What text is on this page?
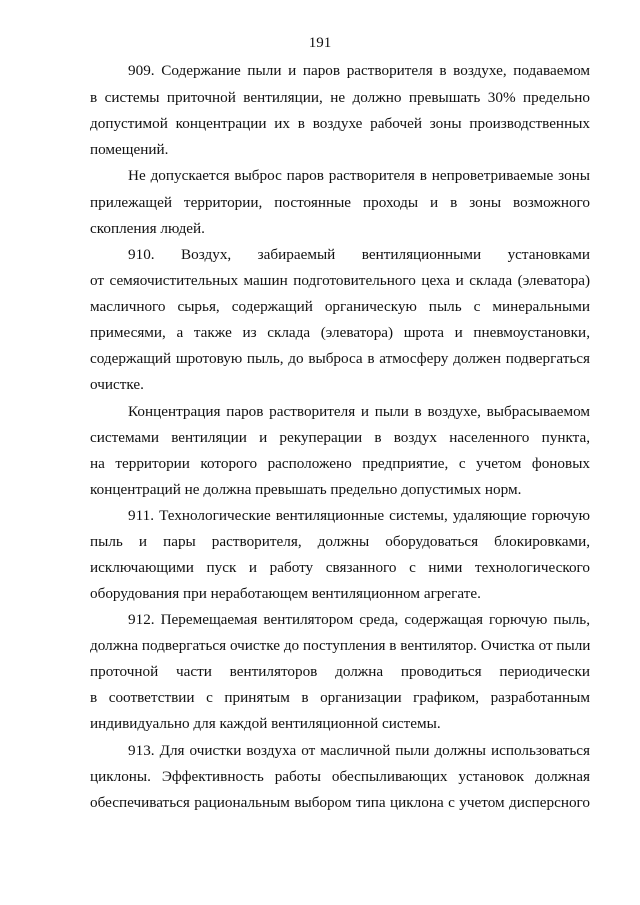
191
909. Содержание пыли и паров растворителя в воздухе, подаваемом
в системы приточной вентиляции, не должно превышать 30% предельно
допустимой концентрации их в воздухе рабочей зоны производственных
помещений.
Не допускается выброс паров растворителя в непроветриваемые зоны
прилежащей территории, постоянные проходы и в зоны возможного
скопления людей.
910. Воздух, забираемый вентиляционными установками
от семяочистительных машин подготовительного цеха и склада (элеватора)
масличного сырья, содержащий органическую пыль с минеральными
примесями, а также из склада (элеватора) шрота и пневмоустановки,
содержащий шротовую пыль, до выброса в атмосферу должен подвергаться
очистке.
Концентрация паров растворителя и пыли в воздухе, выбрасываемом
системами вентиляции и рекуперации в воздух населенного пункта,
на территории которого расположено предприятие, с учетом фоновых
концентраций не должна превышать предельно допустимых норм.
911. Технологические вентиляционные системы, удаляющие горючую
пыль и пары растворителя, должны оборудоваться блокировками,
исключающими пуск и работу связанного с ними технологического
оборудования при неработающем вентиляционном агрегате.
912. Перемещаемая вентилятором среда, содержащая горючую пыль,
должна подвергаться очистке до поступления в вентилятор. Очистка от пыли
проточной части вентиляторов должна проводиться периодически
в соответствии с принятым в организации графиком, разработанным
индивидуально для каждой вентиляционной системы.
913. Для очистки воздуха от масличной пыли должны использоваться
циклоны. Эффективность работы обеспыливающих установок должная
обеспечиваться рациональным выбором типа циклона с учетом дисперсного
